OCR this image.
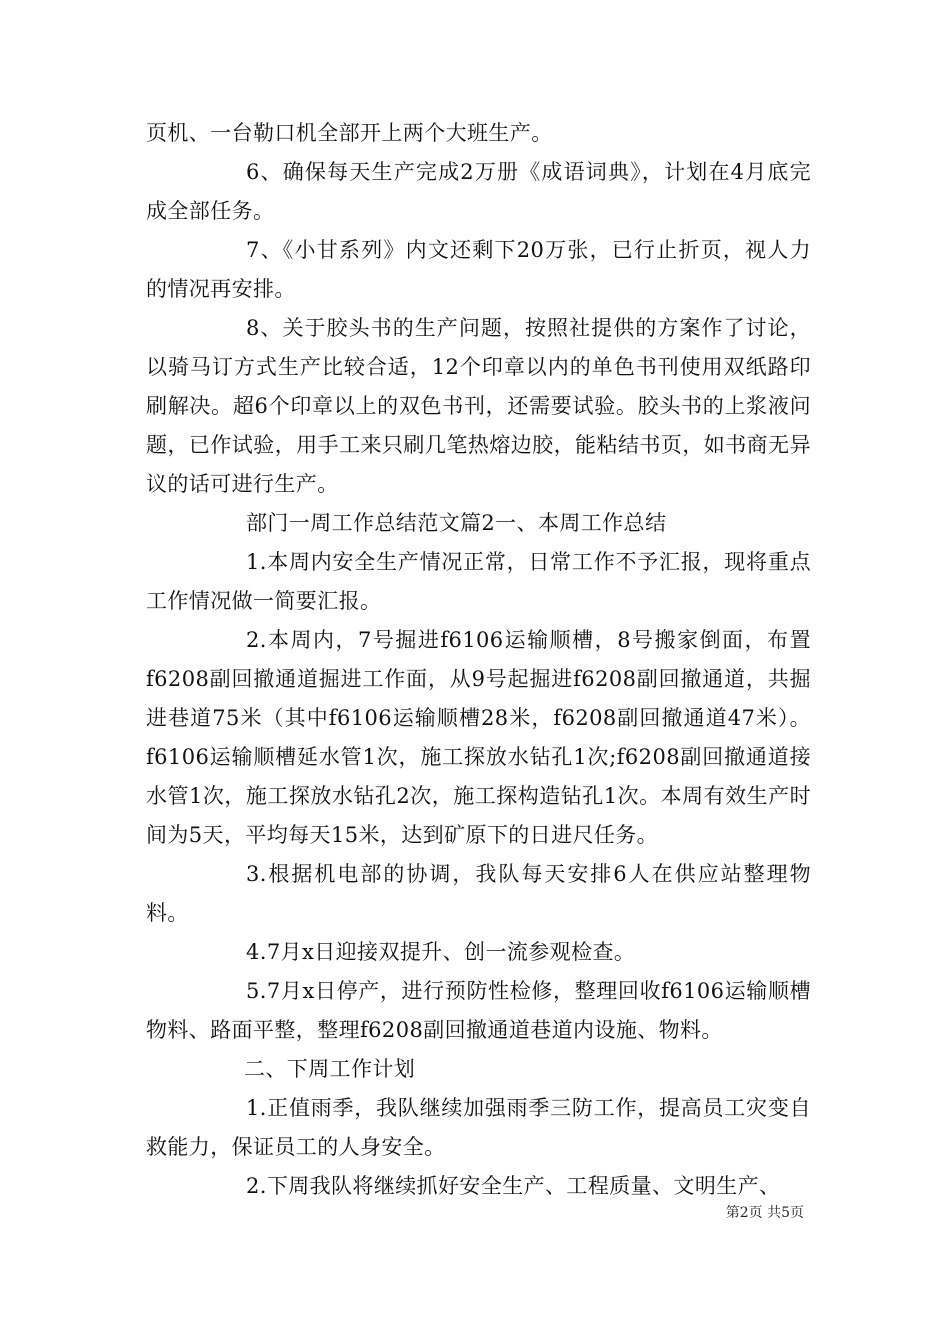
页机、一台勒口机全部开上两个大班生产。

6、确保每天生产完成2万册《成语词典》，计划在4月底完成全部任务。

7、《小甘系列》内文还剩下20万张，已行止折页，视人力的情况再安排。

8、关于胶头书的生产问题，按照社提供的方案作了讨论，以骑马订方式生产比较合适，12个印章以内的单色书刊使用双纸路印刷解决。超6个印章以上的双色书刊，还需要试验。胶头书的上浆液问题，已作试验，用手工来只刷几笔热熔边胶，能粘结书页，如书商无异议的话可进行生产。

部门一周工作总结范文篇2一、本周工作总结

1.本周内安全生产情况正常，日常工作不予汇报，现将重点工作情况做一简要汇报。

2.本周内，7号掘进f6106运输顺槽，8号搬家倒面，布置f6208副回撤通道掘进工作面，从9号起掘进f6208副回撤通道，共掘进巷道75米（其中f6106运输顺槽28米，f6208副回撤通道47米）。f6106运输顺槽延水管1次，施工探放水钻孔1次;f6208副回撤通道接水管1次，施工探放水钻孔2次，施工探构造钻孔1次。本周有效生产时间为5天，平均每天15米，达到矿原下的日进尺任务。

3.根据机电部的协调，我队每天安排6人在供应站整理物料。

4.7月x日迎接双提升、创一流参观检查。

5.7月x日停产，进行预防性检修，整理回收f6106运输顺槽物料、路面平整，整理f6208副回撤通道巷道内设施、物料。

二、下周工作计划

1.正值雨季，我队继续加强雨季三防工作，提高员工灾变自救能力，保证员工的人身安全。

2.下周我队将继续抓好安全生产、工程质量、文明生产、

第2页 共5页
